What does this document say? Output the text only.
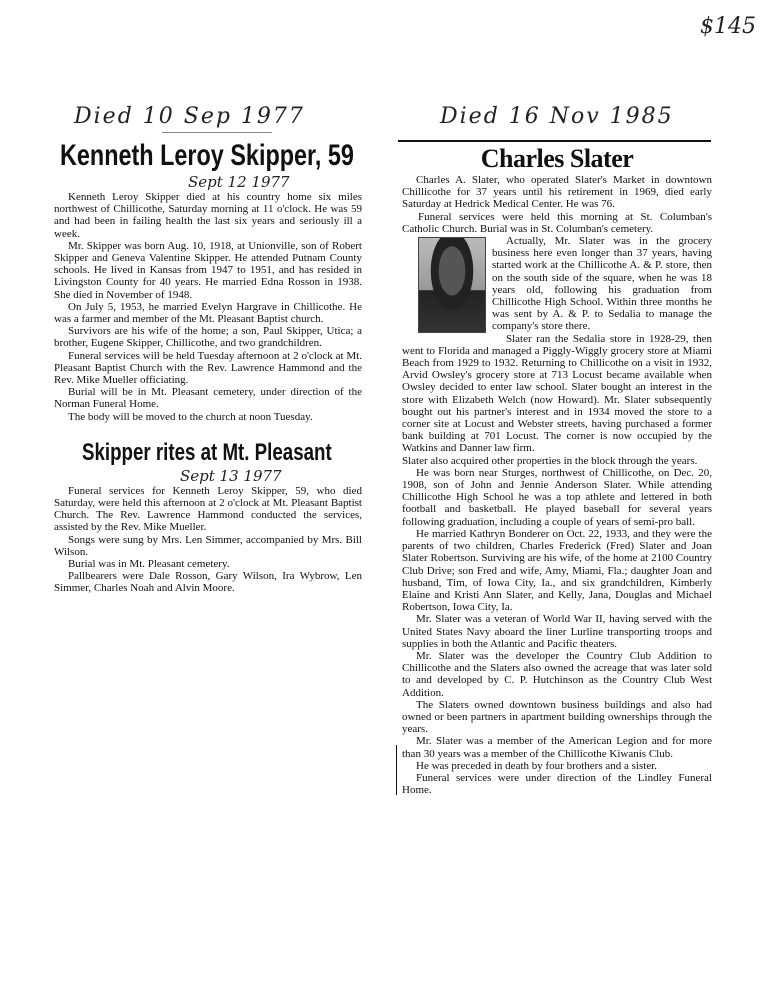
$145
Died 10 Sep 1977
Kenneth Leroy Skipper, 59
Sept 12 1977

Kenneth Leroy Skipper died at his country home six miles northwest of Chillicothe, Saturday morning at 11 o'clock. He was 59 and had been in failing health the last six years and seriously ill a week.

Mr. Skipper was born Aug. 10, 1918, at Unionville, son of Robert Skipper and Geneva Valentine Skipper. He attended Putnam County schools. He lived in Kansas from 1947 to 1951, and has resided in Livingston County for 40 years. He married Edna Rosson in 1938. She died in November of 1948.

On July 5, 1953, he married Evelyn Hargrave in Chillicothe. He was a farmer and member of the Mt. Pleasant Baptist church.

Survivors are his wife of the home; a son, Paul Skipper, Utica; a brother, Eugene Skipper, Chillicothe, and two grandchildren.

Funeral services will be held Tuesday afternoon at 2 o'clock at Mt. Pleasant Baptist Church with the Rev. Lawrence Hammond and the Rev. Mike Mueller officiating.

Burial will be in Mt. Pleasant cemetery, under direction of the Norman Funeral Home.

The body will be moved to the church at noon Tuesday.

Skipper rites at Mt. Pleasant
Sept 13 1977

Funeral services for Kenneth Leroy Skipper, 59, who died Saturday, were held this afternoon at 2 o'clock at Mt. Pleasant Baptist Church. The Rev. Lawrence Hammond conducted the services, assisted by the Rev. Mike Mueller.

Songs were sung by Mrs. Len Simmer, accompanied by Mrs. Bill Wilson.

Burial was in Mt. Pleasant cemetery.

Pallbearers were Dale Rosson, Gary Wilson, Ira Wybrow, Len Simmer, Charles Noah and Alvin Moore.

Died 16 Nov 1985
Charles Slater

Charles A. Slater, who operated Slater's Market in downtown Chillicothe for 37 years until his retirement in 1969, died early Saturday at Hedrick Medical Center. He was 76.

Funeral services were held this morning at St. Columban's Catholic Church. Burial was in St. Columban's cemetery.

Actually, Mr. Slater was in the grocery business here even longer than 37 years, having started work at the Chillicothe A. & P. store, then on the south side of the square, when he was 18 years old, following his graduation from Chillicothe High School. Within three months he was sent by A. & P. to Sedalia to manage the company's store there.

Slater ran the Sedalia store in 1928-29, then went to Florida and managed a Piggly-Wiggly grocery store at Miami Beach from 1929 to 1932. Returning to Chillicothe on a visit in 1932, Arvid Owsley's grocery store at 713 Locust became available when Owsley decided to enter law school. Slater bought an interest in the store with Elizabeth Welch (now Howard). Mr. Slater subsequently bought out his partner's interest and in 1934 moved the store to a corner site at Locust and Webster streets, having purchased a former bank building at 701 Locust. The corner is now occupied by the Watkins and Danner law firm.

Slater also acquired other properties in the block through the years.

He was born near Sturges, northwest of Chillicothe, on Dec. 20, 1908, son of John and Jennie Anderson Slater. While attending Chillicothe High School he was a top athlete and lettered in both football and basketball. He played baseball for several years following graduation, including a couple of years of semi-pro ball.

He married Kathryn Bonderer on Oct. 22, 1933, and they were the parents of two children, Charles Frederick (Fred) Slater and Joan Slater Robertson. Surviving are his wife, of the home at 2100 Country Club Drive; son Fred and wife, Amy, Miami, Fla.; daughter Joan and husband, Tim, of Iowa City, Ia., and six grandchildren, Kimberly Elaine and Kristi Ann Slater, and Kelly, Jana, Douglas and Michael Robertson, Iowa City, Ia.

Mr. Slater was a veteran of World War II, having served with the United States Navy aboard the liner Lurline transporting troops and supplies in both the Atlantic and Pacific theaters.

Mr. Slater was the developer the Country Club Addition to Chillicothe and the Slaters also owned the acreage that was later sold to and developed by C. P. Hutchinson as the Country Club West Addition.

The Slaters owned downtown business buildings and also had owned or been partners in apartment building ownerships through the years.

Mr. Slater was a member of the American Legion and for more than 30 years was a member of the Chillicothe Kiwanis Club.

He was preceded in death by four brothers and a sister.

Funeral services were under direction of the Lindley Funeral Home.
